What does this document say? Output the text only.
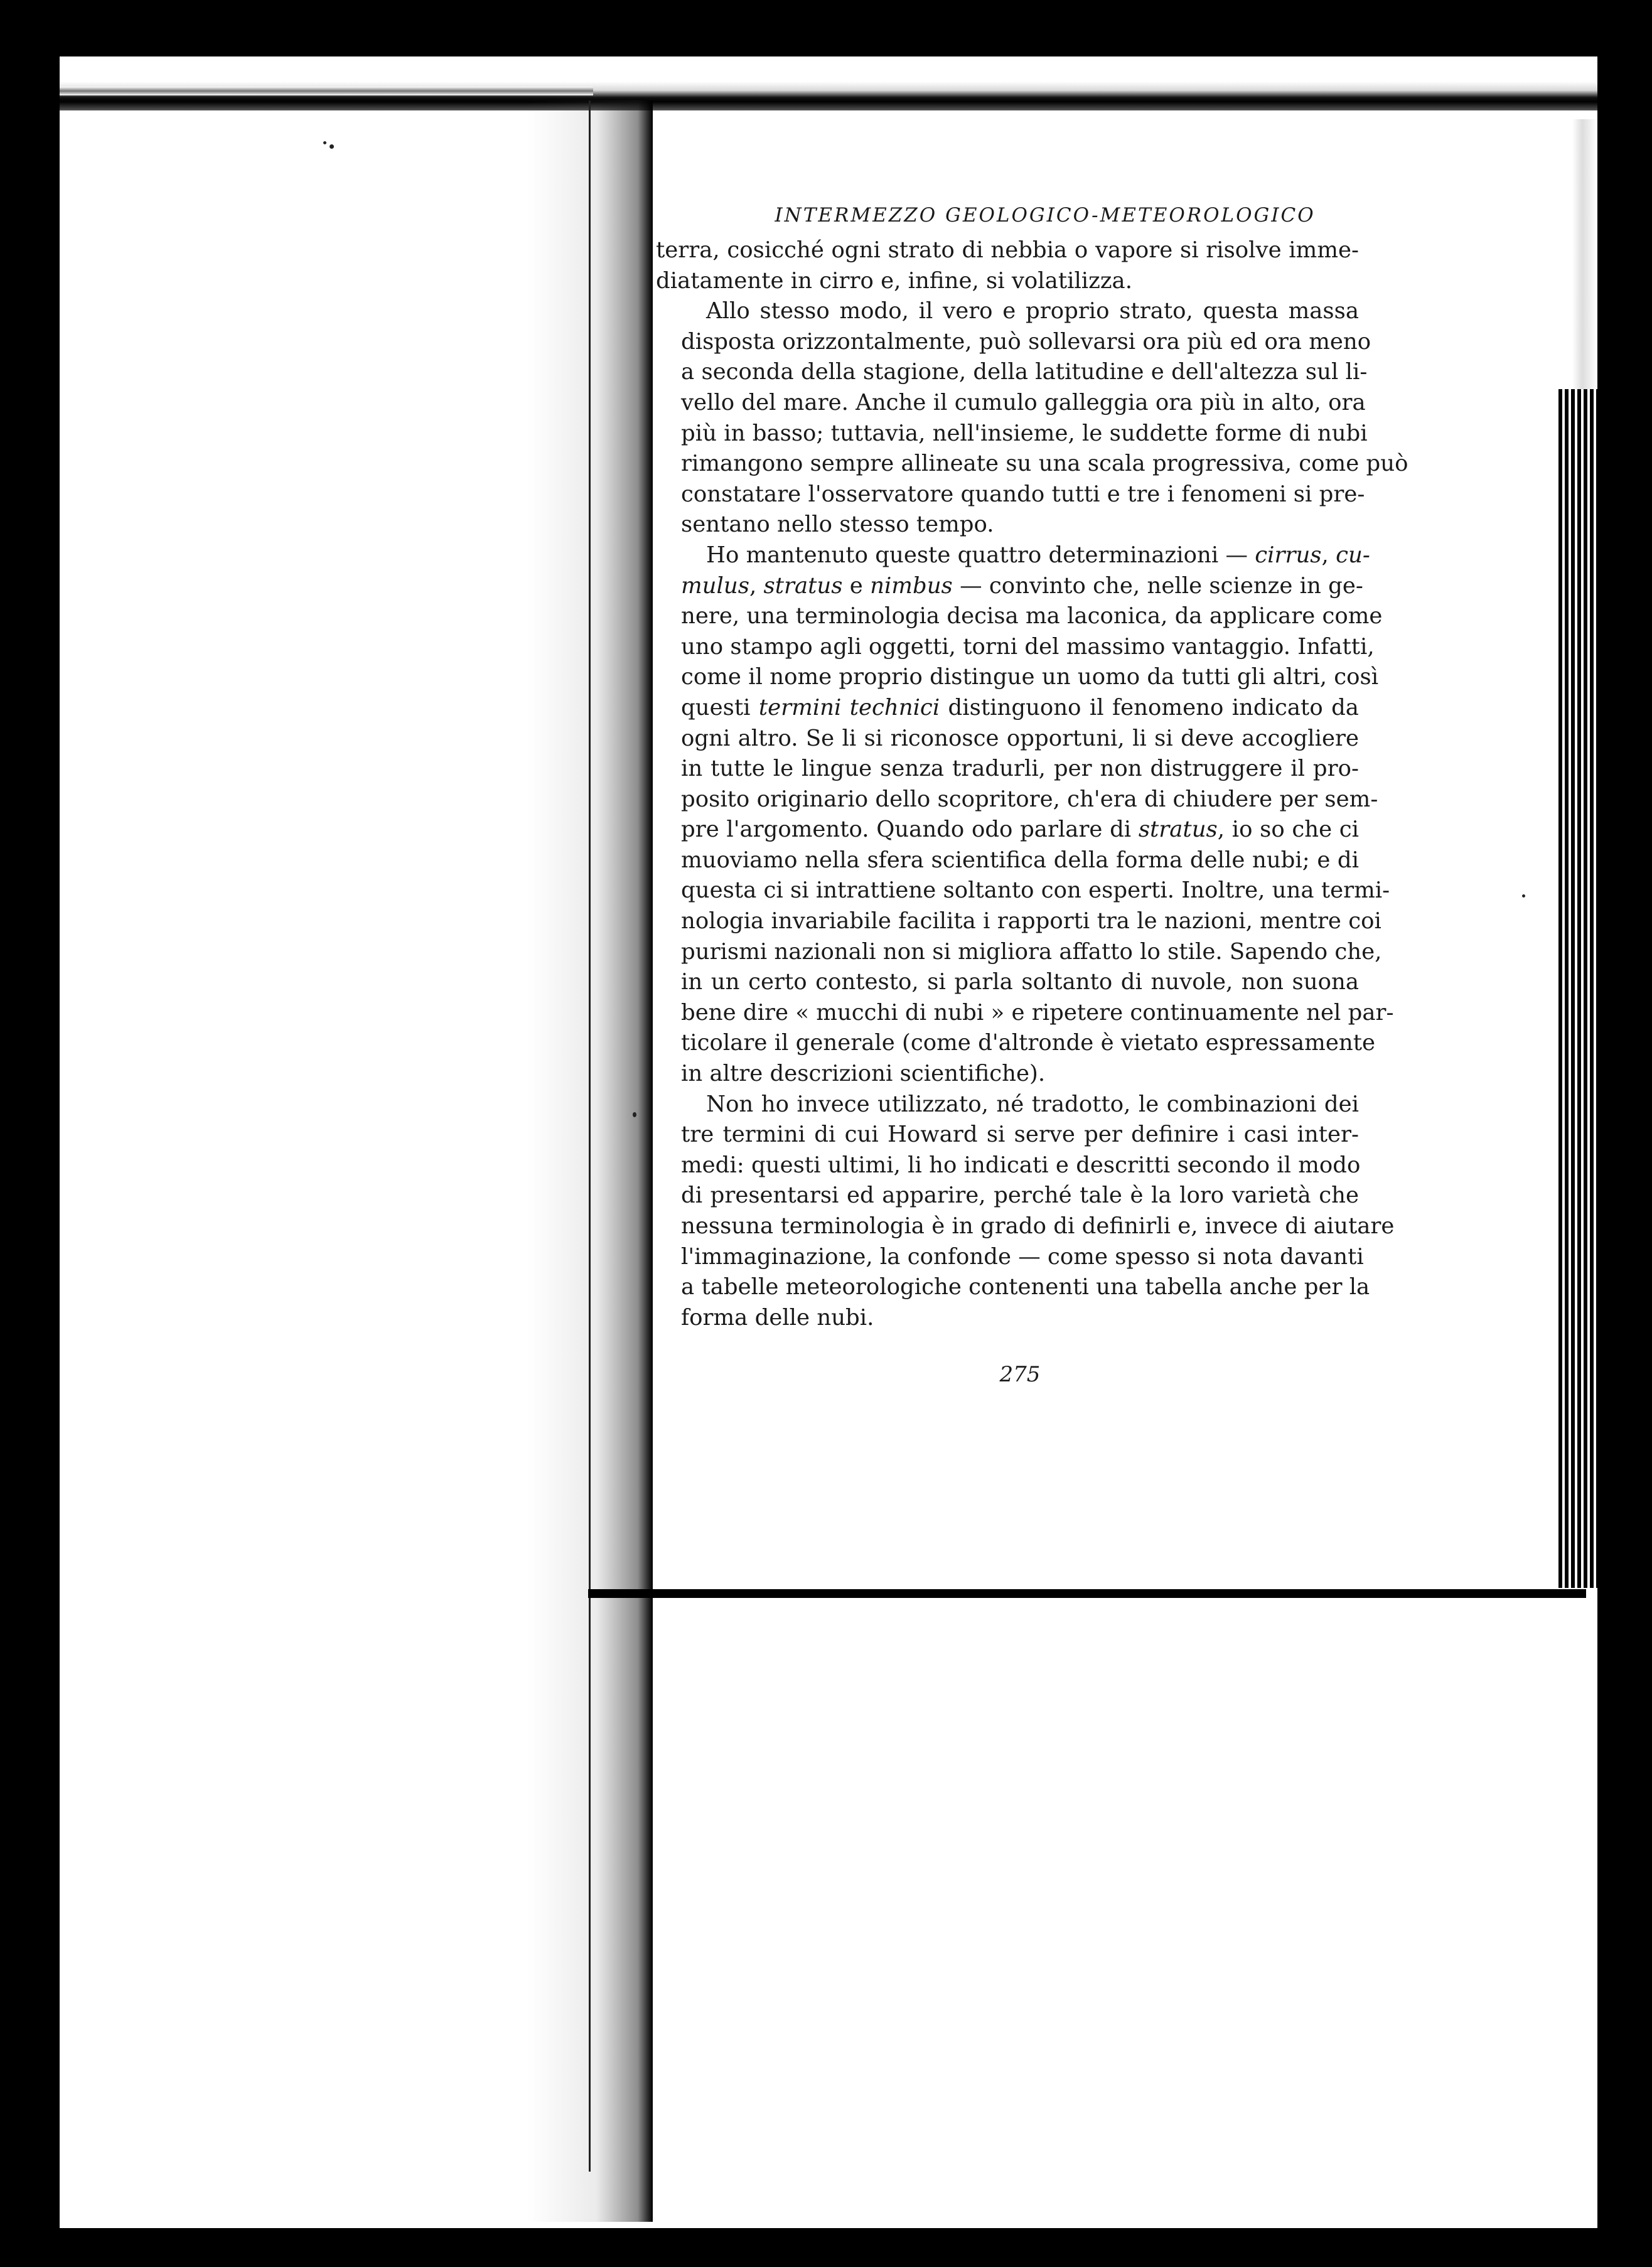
INTERMEZZO GEOLOGICO-METEOROLOGICO
terra, cosicché ogni strato di nebbia o vapore si risolve imme-
diatamente in cirro e, infine, si volatilizza.
Allo stesso modo, il vero e proprio strato, questa massa
disposta orizzontalmente, può sollevarsi ora più ed ora meno
a seconda della stagione, della latitudine e dell'altezza sul li-
vello del mare. Anche il cumulo galleggia ora più in alto, ora
più in basso; tuttavia, nell'insieme, le suddette forme di nubi
rimangono sempre allineate su una scala progressiva, come può
constatare l'osservatore quando tutti e tre i fenomeni si pre-
sentano nello stesso tempo.
Ho mantenuto queste quattro determinazioni — cirrus, cu-
mulus, stratus e nimbus — convinto che, nelle scienze in ge-
nere, una terminologia decisa ma laconica, da applicare come
uno stampo agli oggetti, torni del massimo vantaggio. Infatti,
come il nome proprio distingue un uomo da tutti gli altri, così
questi termini technici distinguono il fenomeno indicato da
ogni altro. Se li si riconosce opportuni, li si deve accogliere
in tutte le lingue senza tradurli, per non distruggere il pro-
posito originario dello scopritore, ch'era di chiudere per sem-
pre l'argomento. Quando odo parlare di stratus, io so che ci
muoviamo nella sfera scientifica della forma delle nubi; e di
questa ci si intrattiene soltanto con esperti. Inoltre, una termi-
nologia invariabile facilita i rapporti tra le nazioni, mentre coi
purismi nazionali non si migliora affatto lo stile. Sapendo che,
in un certo contesto, si parla soltanto di nuvole, non suona
bene dire « mucchi di nubi » e ripetere continuamente nel par-
ticolare il generale (come d'altronde è vietato espressamente
in altre descrizioni scientifiche).
Non ho invece utilizzato, né tradotto, le combinazioni dei
tre termini di cui Howard si serve per definire i casi inter-
medi: questi ultimi, li ho indicati e descritti secondo il modo
di presentarsi ed apparire, perché tale è la loro varietà che
nessuna terminologia è in grado di definirli e, invece di aiutare
l'immaginazione, la confonde — come spesso si nota davanti
a tabelle meteorologiche contenenti una tabella anche per la
forma delle nubi.
275
